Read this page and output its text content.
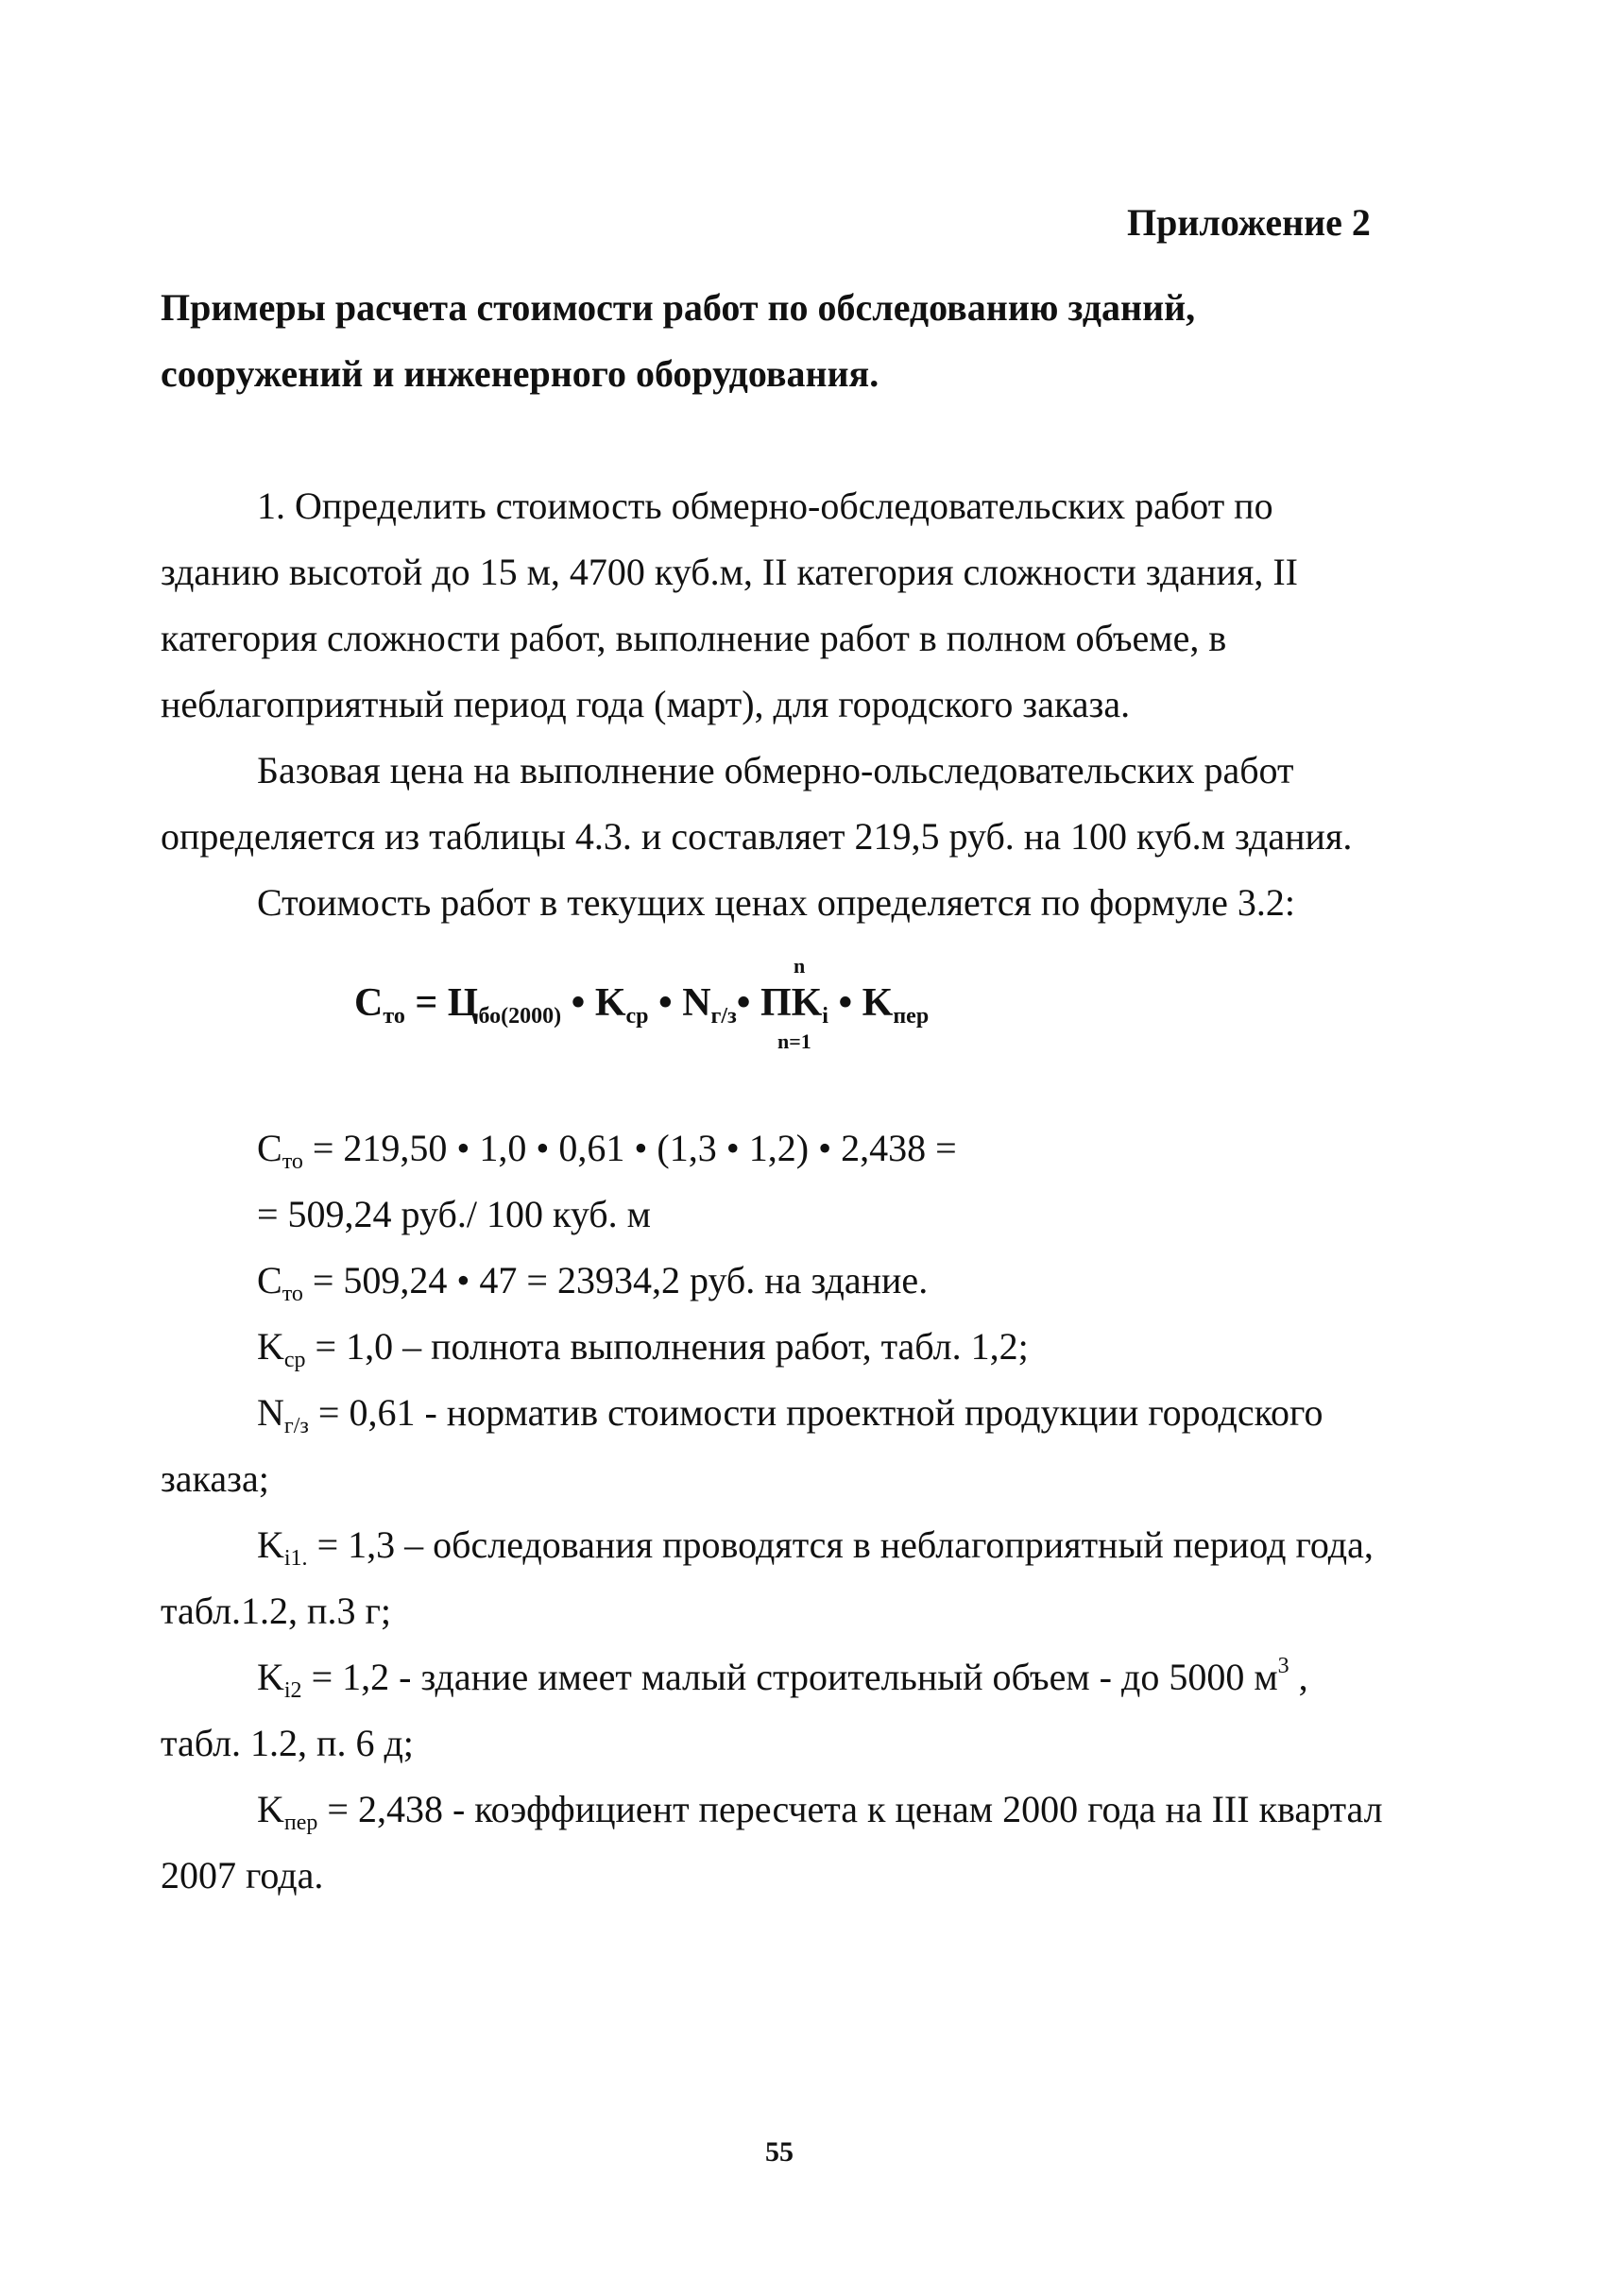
Приложение 2
Примеры расчета стоимости работ по обследованию зданий,
сооружений и инженерного оборудования.
1. Определить стоимость обмерно-обследовательских работ по
зданию высотой до 15 м, 4700 куб.м, II категория сложности здания, II
категория сложности работ, выполнение работ в полном объеме, в
неблагоприятный период года (март), для городского заказа.
Базовая цена на выполнение обмерно-ольследовательских работ
определяется из таблицы 4.3. и составляет 219,5 руб. на 100 куб.м здания.
Стоимость работ в текущих ценах определяется по формуле 3.2:
n
$C_{то} = Ц_{бо(2000)}$ • $K_{ср}$ • $N_{г/з}•$ $ПK_i$ • $K_{пер}$
n=1
$C_{то} = 219,50$ • 1,0 • 0,61 • (1,3 • 1,2) • 2,438 =
= 509,24 руб./ 100 куб. м
$C_{то} = 509,24$ • 47 = 23934,2 руб. на здание.
$K_{ср} = 1,0$ – полнота выполнения работ, табл. 1,2;
$N_{г/з} = 0,61$ - норматив стоимости проектной продукции городского
заказа;
$K_{i1.} = 1,3$ – обследования проводятся в неблагоприятный период года,
табл.1.2, п.3 г;
$K_{i2} = 1,2$ - здание имеет малый строительный объем - до 5000 $м^3$ ,
табл. 1.2, п. 6 д;
$K_{пер} = 2,438$ - коэффициент пересчета к ценам 2000 года на III квартал
2007 года.
55
